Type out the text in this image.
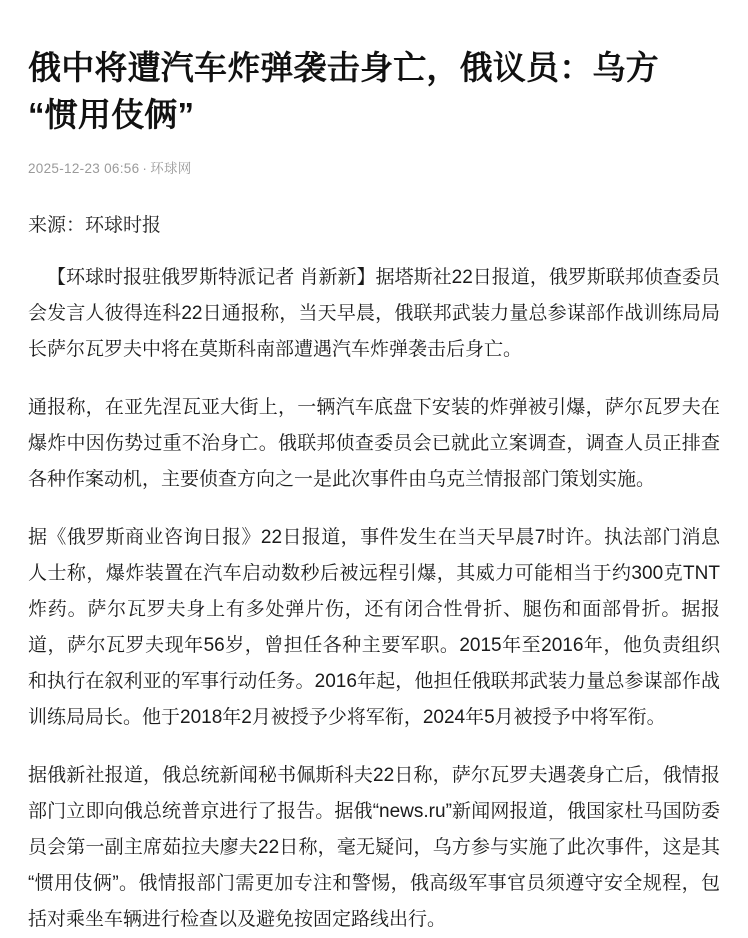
俄中将遭汽车炸弹袭击身亡，俄议员：乌方“惯用伎俩”
2025-12-23 06:56 · 环球网
来源：环球时报

【环球时报驻俄罗斯特派记者 肖新新】据塔斯社22日报道，俄罗斯联邦侦查委员会发言人彼得连科22日通报称，当天早晨，俄联邦武装力量总参谋部作战训练局局长萨尔瓦罗夫中将在莫斯科南部遭遇汽车炸弹袭击后身亡。

通报称，在亚先涅瓦亚大街上，一辆汽车底盘下安装的炸弹被引爆，萨尔瓦罗夫在爆炸中因伤势过重不治身亡。俄联邦侦查委员会已就此立案调查，调查人员正排查各种作案动机，主要侦查方向之一是此次事件由乌克兰情报部门策划实施。

据《俄罗斯商业咨询日报》22日报道，事件发生在当天早晨7时许。执法部门消息人士称，爆炸装置在汽车启动数秒后被远程引爆，其威力可能相当于约300克TNT炸药。萨尔瓦罗夫身上有多处弹片伤，还有闭合性骨折、腿伤和面部骨折。据报道，萨尔瓦罗夫现年56岁，曾担任各种主要军职。2015年至2016年，他负责组织和执行在叙利亚的军事行动任务。2016年起，他担任俄联邦武装力量总参谋部作战训练局局长。他于2018年2月被授予少将军衔，2024年5月被授予中将军衔。

据俄新社报道，俄总统新闻秘书佩斯科夫22日称，萨尔瓦罗夫遇袭身亡后，俄情报部门立即向俄总统普京进行了报告。据俄“news.ru”新闻网报道，俄国家杜马国防委员会第一副主席茹拉夫廖夫22日称，毫无疑问，乌方参与实施了此次事件，这是其“惯用伎俩”。俄情报部门需更加专注和警惕，俄高级军事官员须遵守安全规程，包括对乘坐车辆进行检查以及避免按固定路线出行。
